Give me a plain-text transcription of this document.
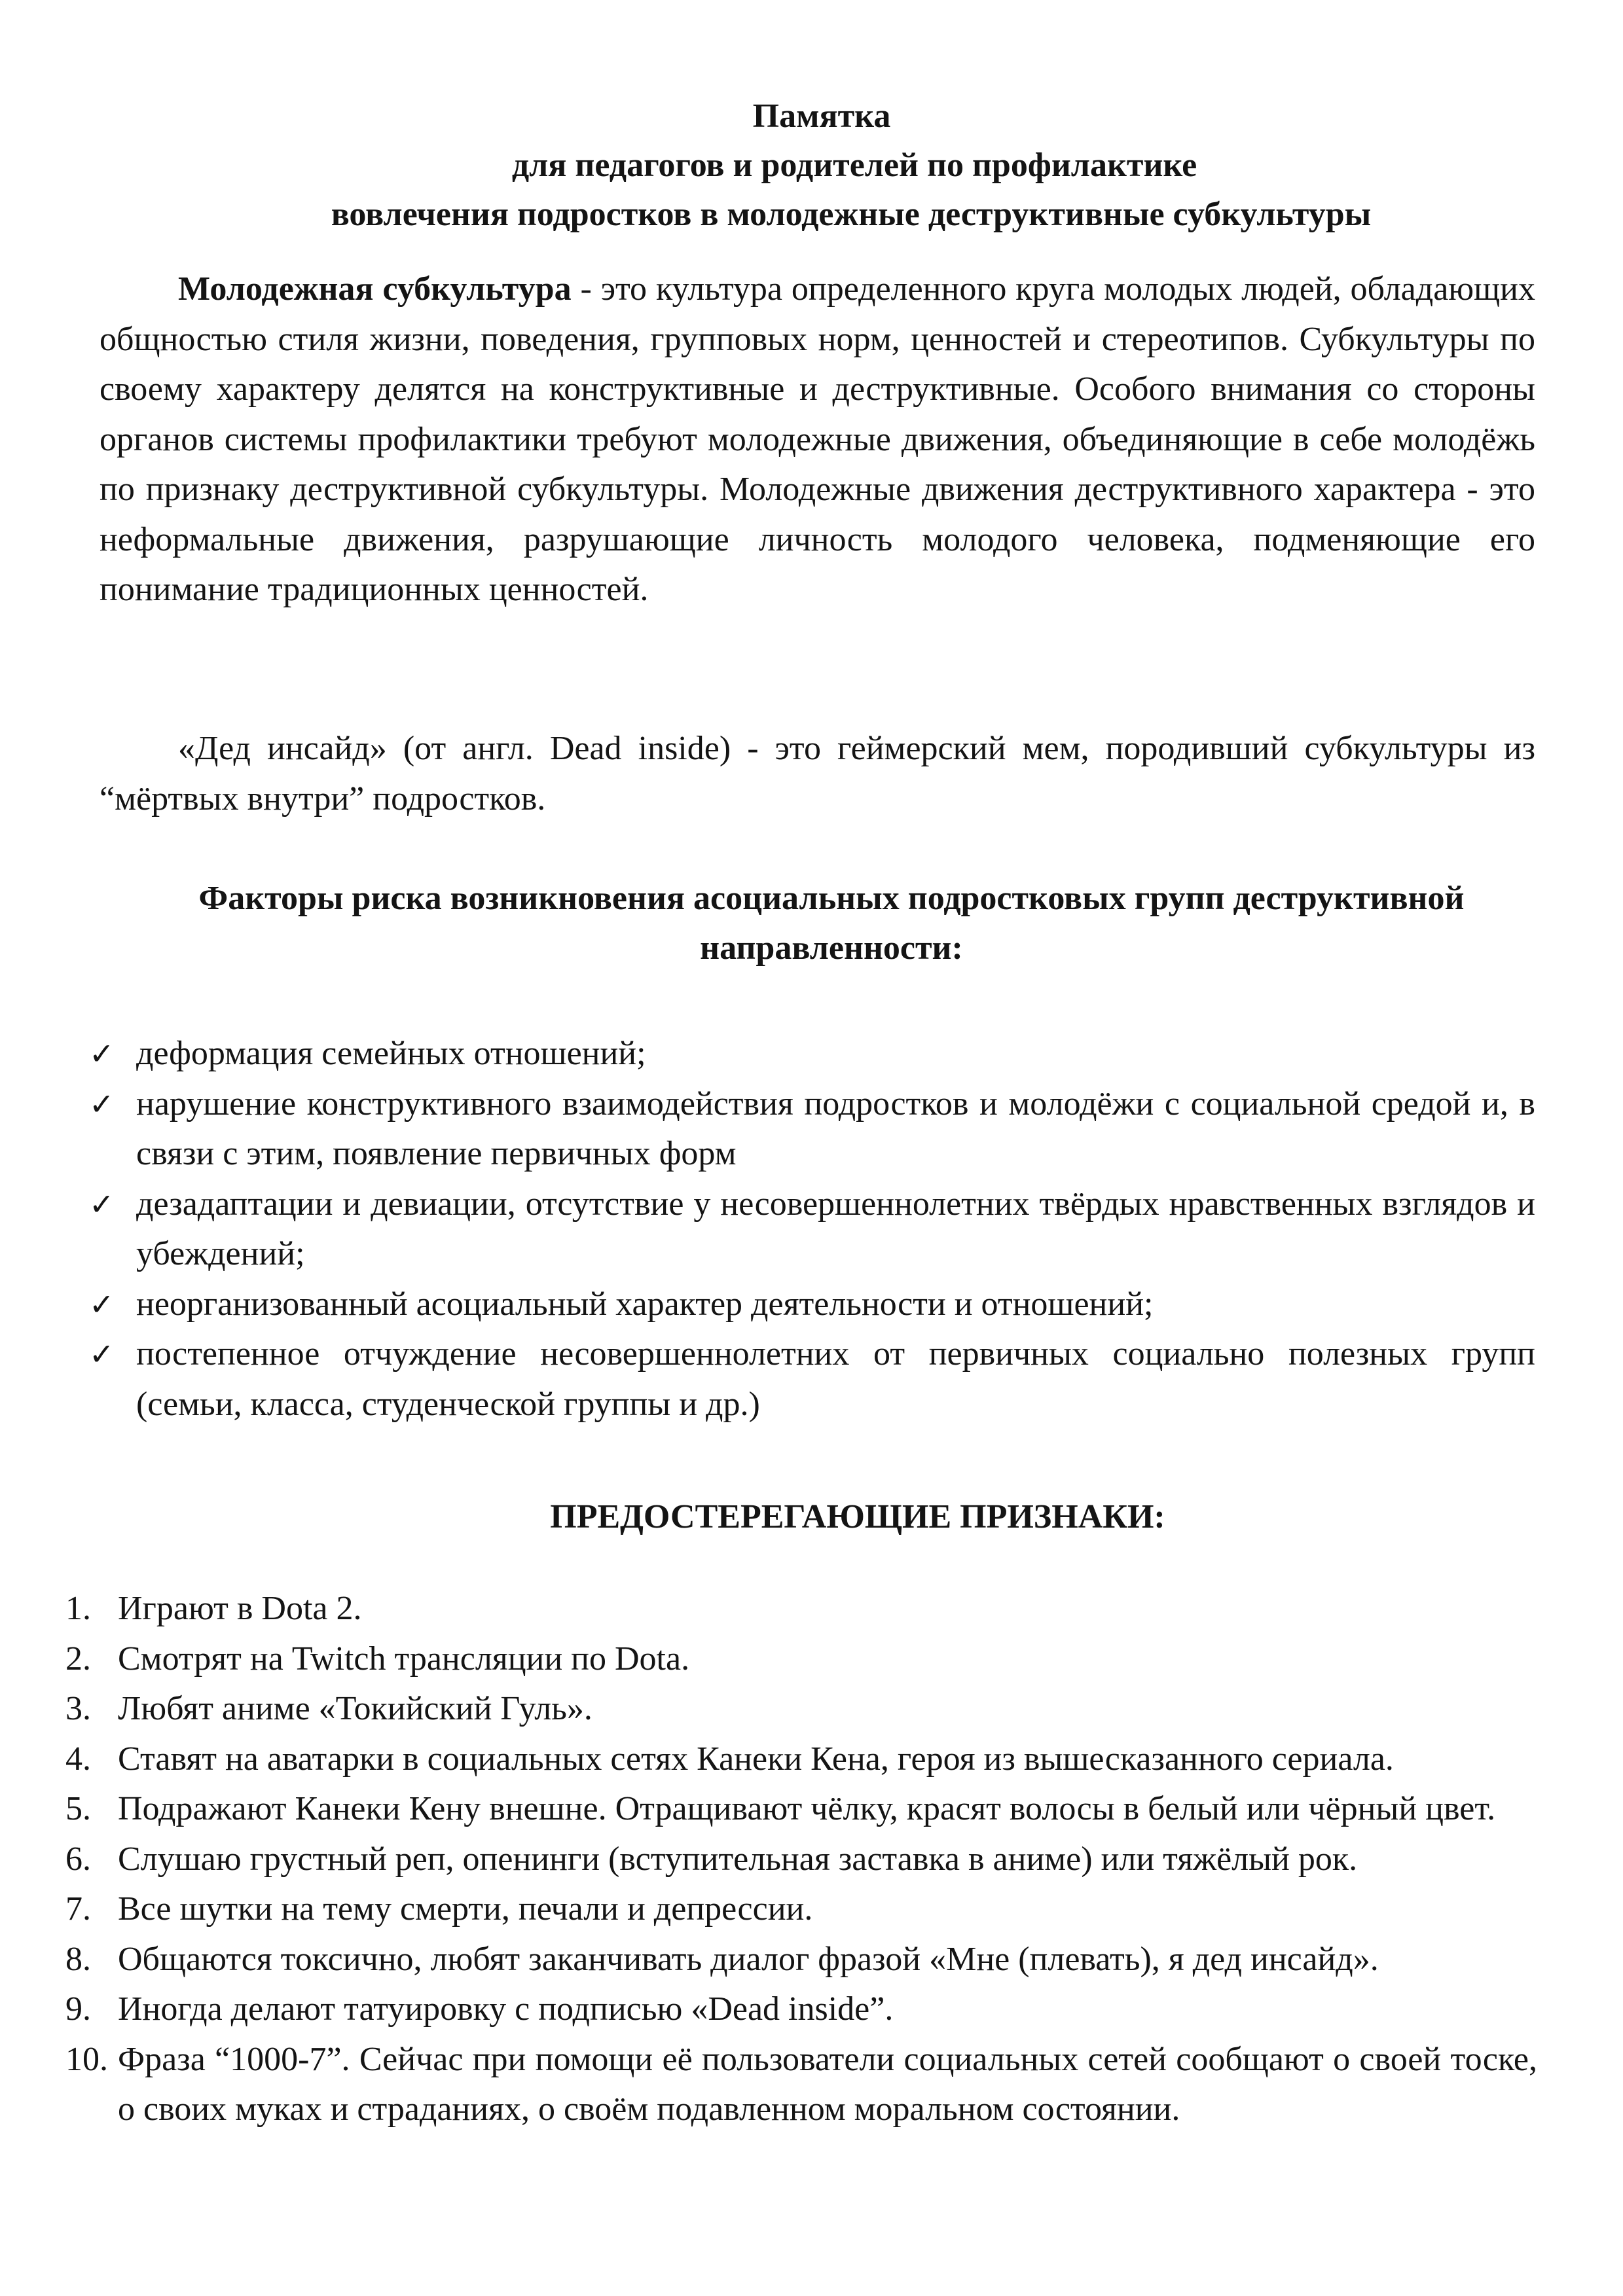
Памятка
для педагогов и родителей по профилактике
вовлечения подростков в молодежные деструктивные субкультуры

Молодежная субкультура - это культура определенного круга молодых людей, обладающих общностью стиля жизни, поведения, групповых норм, ценностей и стереотипов. Субкультуры по своему характеру делятся на конструктивные и деструктивные. Особого внимания со стороны органов системы профилактики требуют молодежные движения, объединяющие в себе молодёжь по признаку деструктивной субкультуры. Молодежные движения деструктивного характера - это неформальные движения, разрушающие личность молодого человека, подменяющие его понимание традиционных ценностей.

«Дед инсайд» (от англ. Dead inside) - это геймерский мем, породивший субкультуры из “мёртвых внутри” подростков.

Факторы риска возникновения асоциальных подростковых групп деструктивной направленности:
✓ деформация семейных отношений;
✓ нарушение конструктивного взаимодействия подростков и молодёжи с социальной средой и, в связи с этим, появление первичных форм
✓ дезадаптации и девиации, отсутствие у несовершеннолетних твёрдых нравственных взглядов и убеждений;
✓ неорганизованный асоциальный характер деятельности и отношений;
✓ постепенное отчуждение несовершеннолетних от первичных социально полезных групп (семьи, класса, студенческой группы и др.)
ПРЕДОСТЕРЕГАЮЩИЕ ПРИЗНАКИ:
1. Играют в Dota 2.
2. Смотрят на Twitch трансляции по Dota.
3. Любят аниме «Токийский Гуль».
4. Ставят на аватарки в социальных сетях Канеки Кена, героя из вышесказанного сериала.
5. Подражают Канеки Кену внешне. Отращивают чёлку, красят волосы в белый или чёрный цвет.
6. Слушаю грустный реп, опенинги (вступительная заставка в аниме) или тяжёлый рок.
7. Все шутки на тему смерти, печали и депрессии.
8. Общаются токсично, любят заканчивать диалог фразой «Мне (плевать), я дед инсайд».
9. Иногда делают татуировку с подписью «Dead inside”.
10. Фраза “1000-7”. Сейчас при помощи её пользователи социальных сетей сообщают о своей тоске, о своих муках и страданиях, о своём подавленном моральном состоянии.
